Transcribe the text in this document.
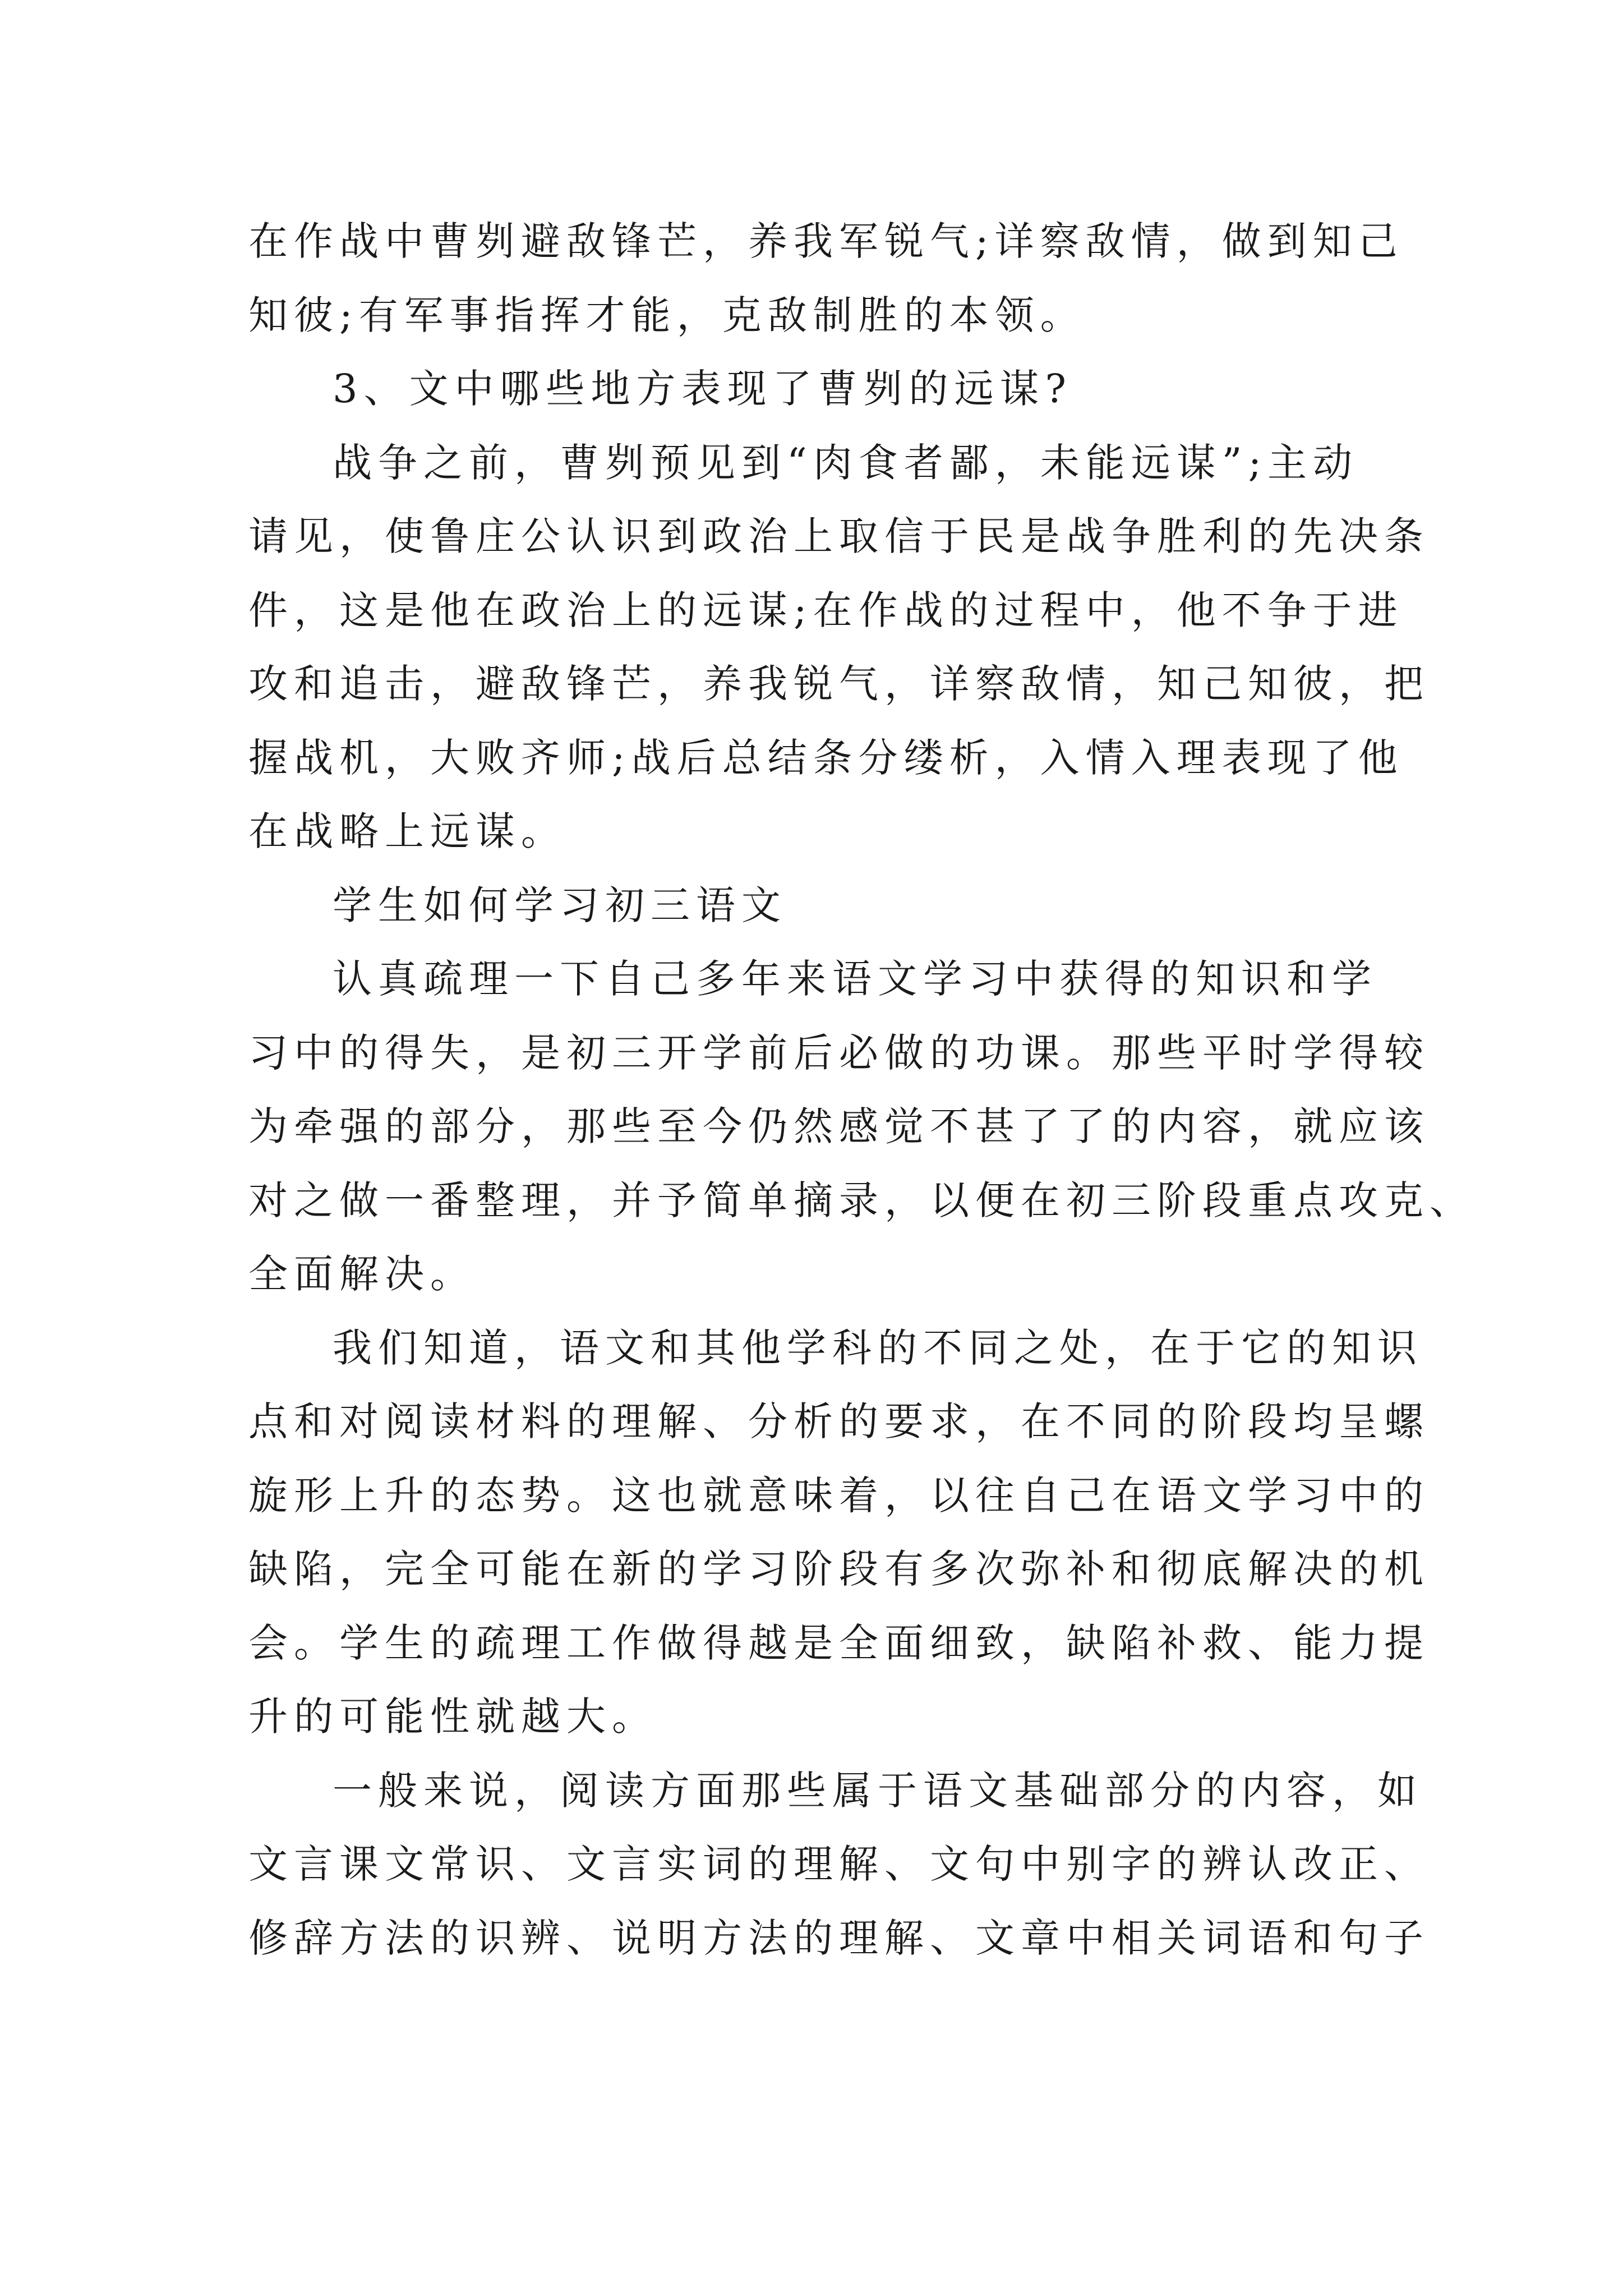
在作战中曹刿避敌锋芒，养我军锐气;详察敌情，做到知己
知彼;有军事指挥才能，克敌制胜的本领。
3、文中哪些地方表现了曹刿的远谋?
战争之前，曹刿预见到“肉食者鄙，未能远谋”;主动
请见，使鲁庄公认识到政治上取信于民是战争胜利的先决条
件，这是他在政治上的远谋;在作战的过程中，他不争于进
攻和追击，避敌锋芒，养我锐气，详察敌情，知己知彼，把
握战机，大败齐师;战后总结条分缕析，入情入理表现了他
在战略上远谋。
学生如何学习初三语文
认真疏理一下自己多年来语文学习中获得的知识和学
习中的得失，是初三开学前后必做的功课。那些平时学得较
为牵强的部分，那些至今仍然感觉不甚了了的内容，就应该
对之做一番整理，并予简单摘录，以便在初三阶段重点攻克、
全面解决。
我们知道，语文和其他学科的不同之处，在于它的知识
点和对阅读材料的理解、分析的要求，在不同的阶段均呈螺
旋形上升的态势。这也就意味着，以往自己在语文学习中的
缺陷，完全可能在新的学习阶段有多次弥补和彻底解决的机
会。学生的疏理工作做得越是全面细致，缺陷补救、能力提
升的可能性就越大。
一般来说，阅读方面那些属于语文基础部分的内容，如
文言课文常识、文言实词的理解、文句中别字的辨认改正、
修辞方法的识辨、说明方法的理解、文章中相关词语和句子
